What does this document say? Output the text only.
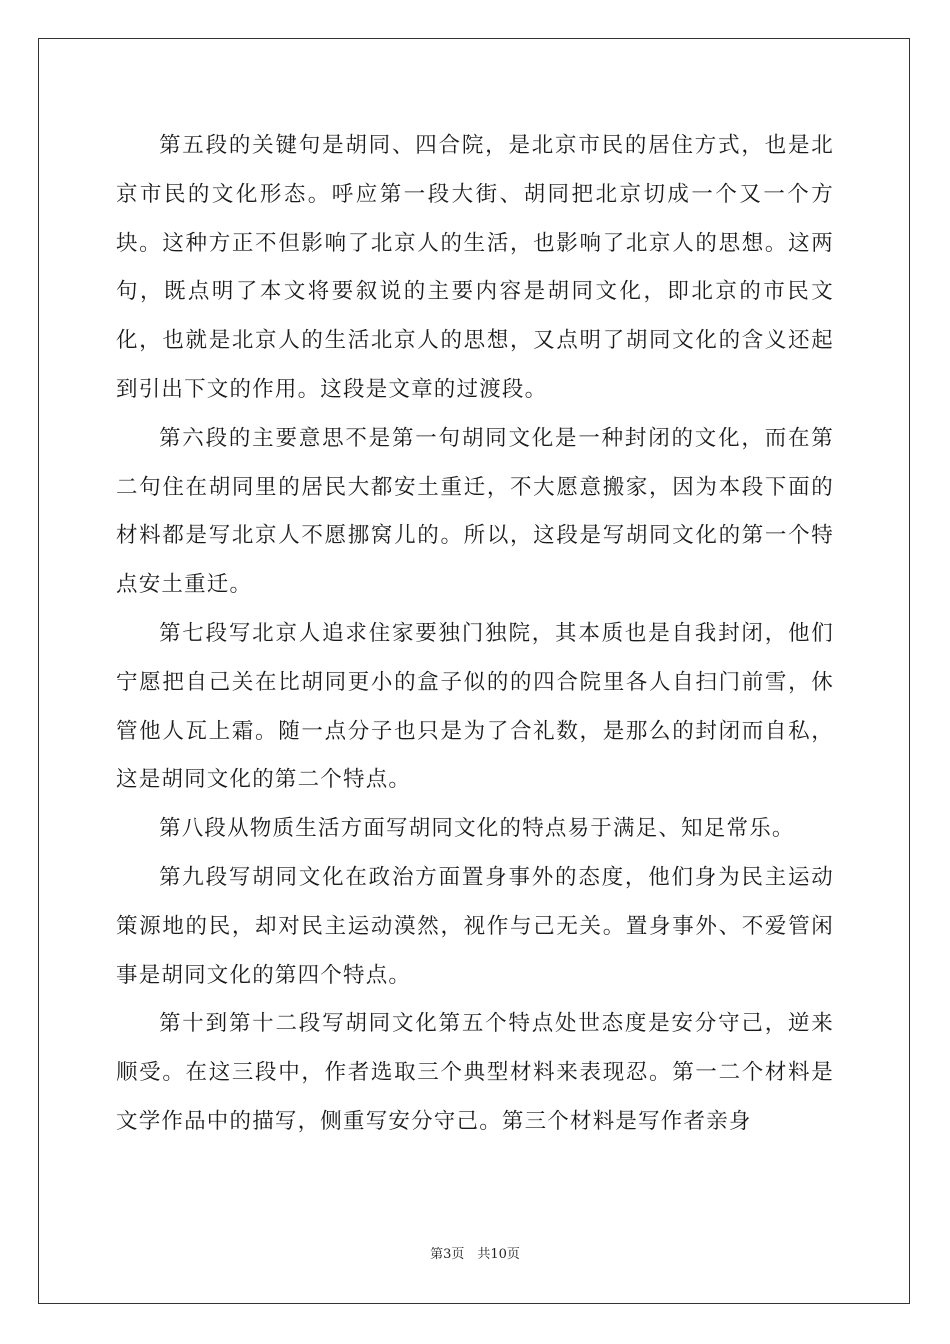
第五段的关键句是胡同、四合院，是北京市民的居住方式，也是北京市民的文化形态。呼应第一段大街、胡同把北京切成一个又一个方块。这种方正不但影响了北京人的生活，也影响了北京人的思想。这两句，既点明了本文将要叙说的主要内容是胡同文化，即北京的市民文化，也就是北京人的生活北京人的思想，又点明了胡同文化的含义还起到引出下文的作用。这段是文章的过渡段。

第六段的主要意思不是第一句胡同文化是一种封闭的文化，而在第二句住在胡同里的居民大都安土重迁，不大愿意搬家，因为本段下面的材料都是写北京人不愿挪窝儿的。所以，这段是写胡同文化的第一个特点安土重迁。

第七段写北京人追求住家要独门独院，其本质也是自我封闭，他们宁愿把自己关在比胡同更小的盒子似的的四合院里各人自扫门前雪，休管他人瓦上霜。随一点分子也只是为了合礼数，是那么的封闭而自私，这是胡同文化的第二个特点。

第八段从物质生活方面写胡同文化的特点易于满足、知足常乐。

第九段写胡同文化在政治方面置身事外的态度，他们身为民主运动策源地的民，却对民主运动漠然，视作与己无关。置身事外、不爱管闲事是胡同文化的第四个特点。

第十到第十二段写胡同文化第五个特点处世态度是安分守己，逆来顺受。在这三段中，作者选取三个典型材料来表现忍。第一二个材料是文学作品中的描写，侧重写安分守己。第三个材料是写作者亲身

第3页　共10页
